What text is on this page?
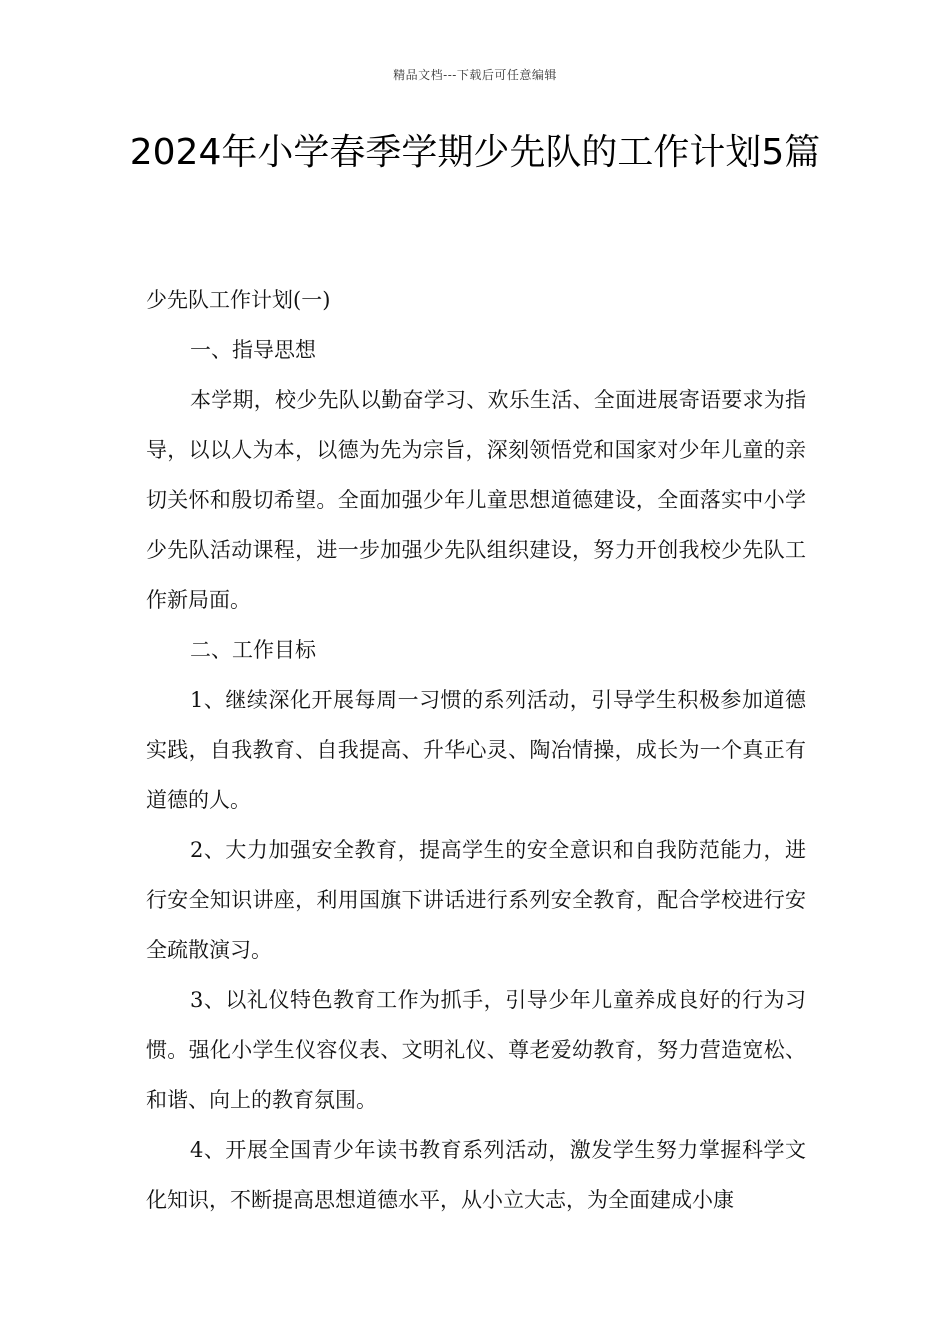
精品文档---下载后可任意编辑
2024年小学春季学期少先队的工作计划5篇

少先队工作计划(一)

一、指导思想

本学期，校少先队以勤奋学习、欢乐生活、全面进展寄语要求为指导，以以人为本，以德为先为宗旨，深刻领悟党和国家对少年儿童的亲切关怀和殷切希望。全面加强少年儿童思想道德建设，全面落实中小学少先队活动课程，进一步加强少先队组织建设，努力开创我校少先队工作新局面。

二、工作目标

1、继续深化开展每周一习惯的系列活动，引导学生积极参加道德实践，自我教育、自我提高、升华心灵、陶冶情操，成长为一个真正有道德的人。

2、大力加强安全教育，提高学生的安全意识和自我防范能力，进行安全知识讲座，利用国旗下讲话进行系列安全教育，配合学校进行安全疏散演习。

3、以礼仪特色教育工作为抓手，引导少年儿童养成良好的行为习惯。强化小学生仪容仪表、文明礼仪、尊老爱幼教育，努力营造宽松、和谐、向上的教育氛围。

4、开展全国青少年读书教育系列活动，激发学生努力掌握科学文化知识，不断提高思想道德水平，从小立大志，为全面建成小康
